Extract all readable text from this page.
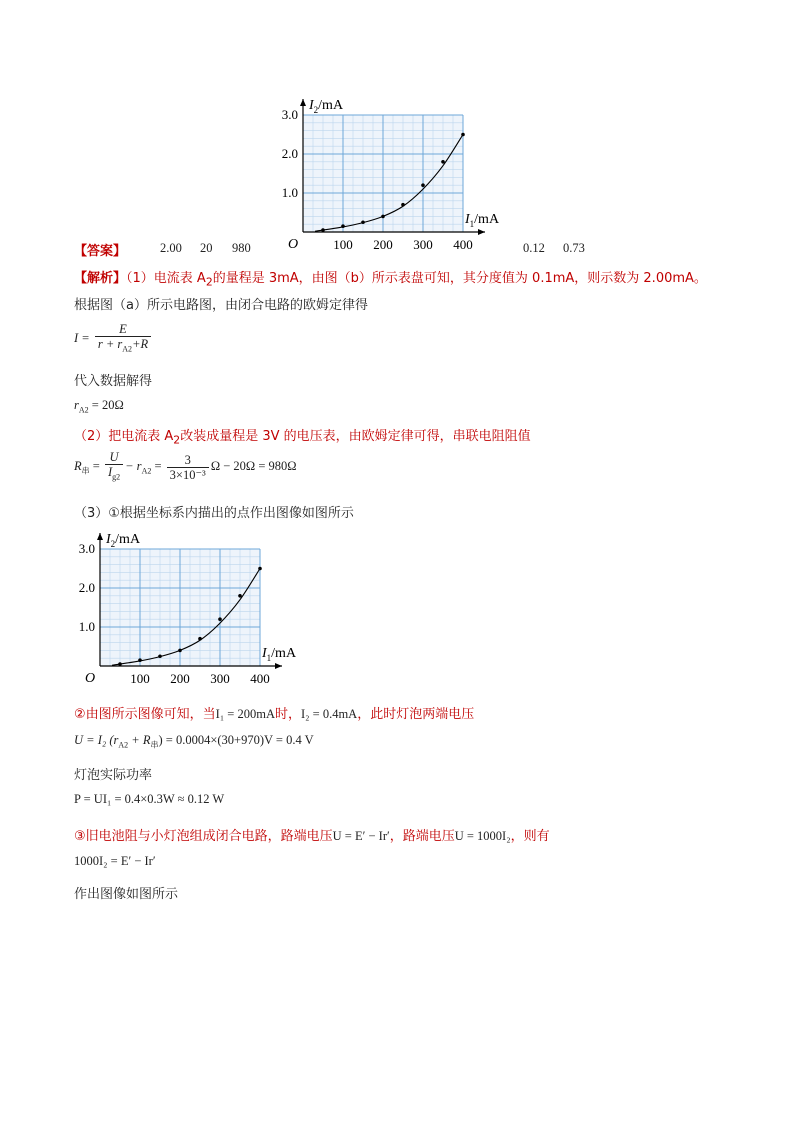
O	100 200 300 400
1.0
2.0
3.0
$I_2/mA$
$I_1/mA$
【答案】	2.00 20 980	0.12 0.73
【解析】（1）电流表 $A_2$的量程是 3mA，由图（b）所示表盘可知，其分度值为 0.1mA，则示数为 2.00mA。
根据图（a）所示电路图，由闭合电路的欧姆定律得
$I = \frac{E}{r + r_{A2}+R}$
代入数据解得
$r_{A2} = 20\Omega$
（2）把电流表 $A_2$改装成量程是 3V 的电压表，由欧姆定律可得，串联电阻阻值
$R_串 = \frac{U}{I_{g2}} - r_{A2} = \frac{3}{\text{3×10⁻³}}$ Ω − 20Ω = 980Ω
（3）①根据坐标系内描出的点作出图像如图所示
O	100 200 300 400
1.0
2.0
3.0
$I_2/mA$
$I_1/mA$
②由图所示图像可知，当I₁ = 200mA时，I₂ = 0.4mA，此时灯泡两端电压
U = I₂ $(r_{A2} + R_串) = 0.0004\times(30+970)V = 0.4$ V
灯泡实际功率
P = UI₁ = 0.4×0.3W ≈ 0.12 W
③旧电池阻与小灯泡组成闭合电路，路端电压U = E′ − Ir′，路端电压U = 1000I₂，则有
1000I₂ = E′ − Ir′
作出图像如图所示
